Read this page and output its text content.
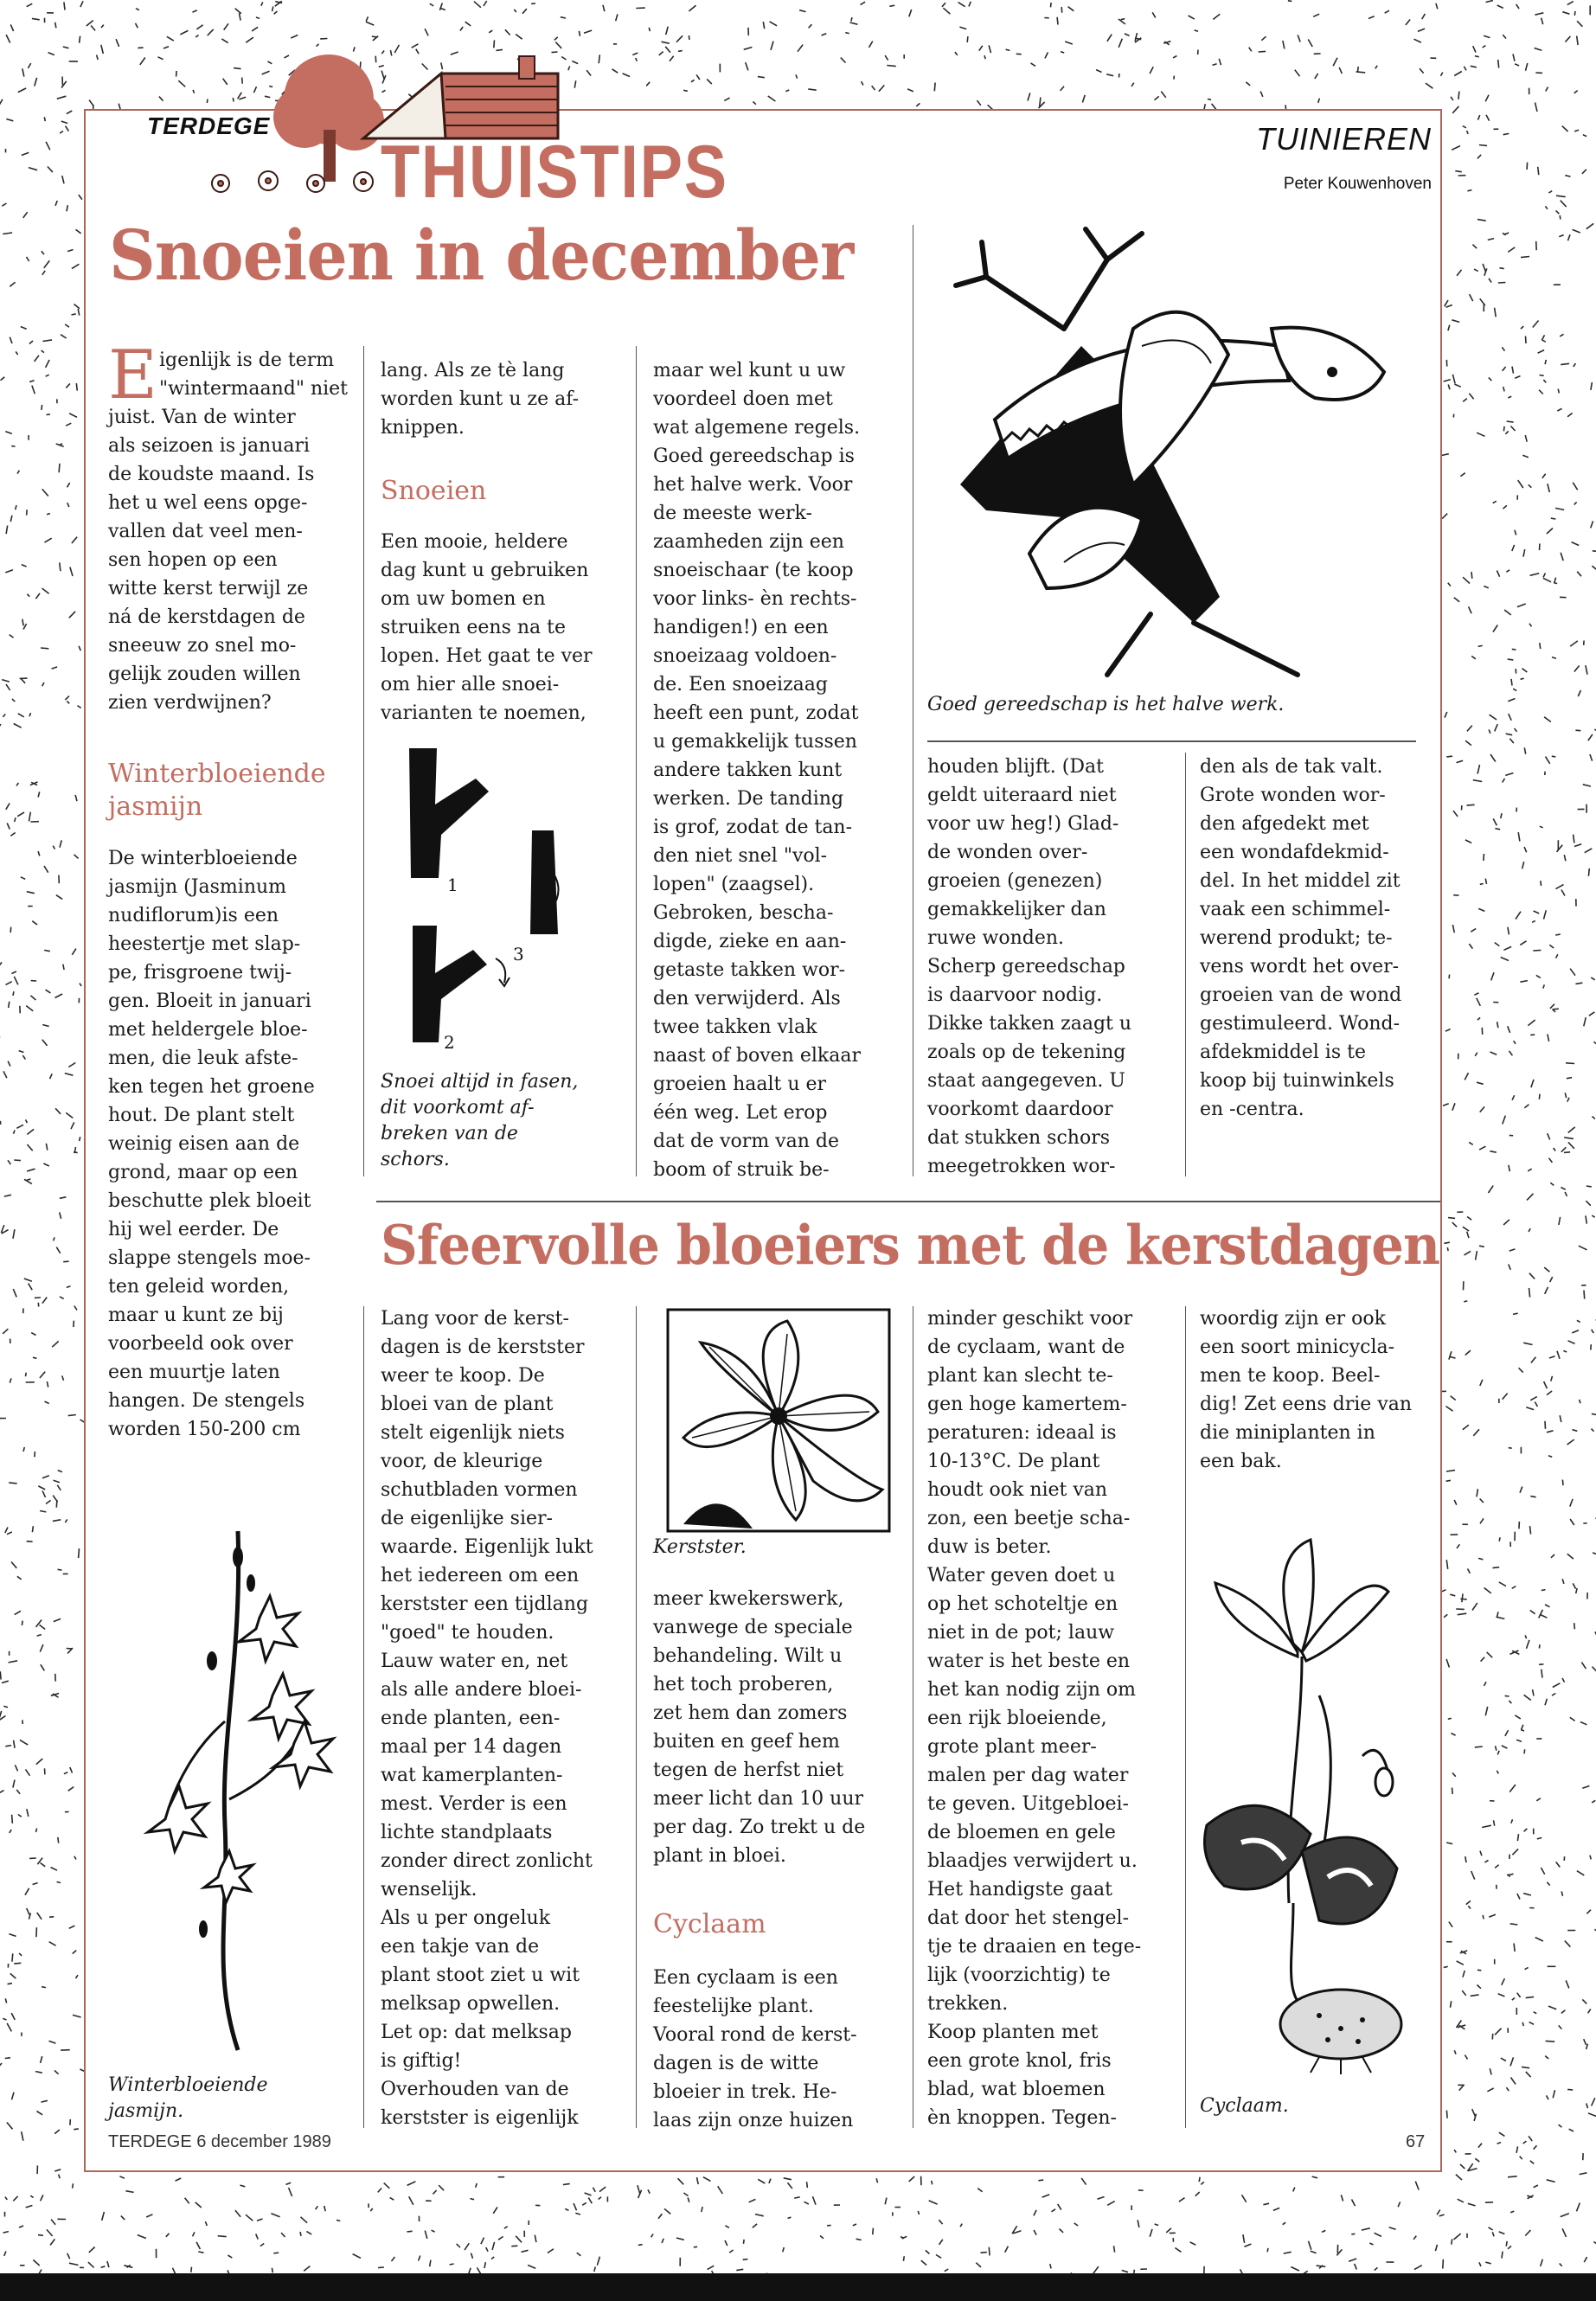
TERDEGE
THUISTIPS	TUINIEREN
Peter Kouwenhoven
Snoeien in december
Eigenlijk is de term
"wintermaand" niet
juist. Van de winter
als seizoen is januari
de koudste maand. Is
het u wel eens opge-
vallen dat veel men-
sen hopen op een
witte kerst terwijl ze
ná de kerstdagen de
sneeuw zo snel mo-
gelijk zouden willen
zien verdwijnen?
Winterbloeiende
jasmijn
De winterbloeiende
jasmijn (Jasminum
nudiflorum)is een
heestertje met slap-
pe, frisgroene twij-
gen. Bloeit in januari
met heldergele bloe-
men, die leuk afste-
ken tegen het groene
hout. De plant stelt
weinig eisen aan de
grond, maar op een
beschutte plek bloeit
hij wel eerder. De
slappe stengels moe-
ten geleid worden,
maar u kunt ze bij
voorbeeld ook over
een muurtje laten
hangen. De stengels
worden 150-200 cm
lang. Als ze tè lang
worden kunt u ze af-
knippen.
Snoeien
Een mooie, heldere
dag kunt u gebruiken
om uw bomen en
struiken eens na te
lopen. Het gaat te ver
om hier alle snoei-
varianten te noemen,
1
2
3
Snoei altijd in fasen,
dit voorkomt af-
breken van de
schors.
maar wel kunt u uw
voordeel doen met
wat algemene regels.
Goed gereedschap is
het halve werk. Voor
de meeste werk-
zaamheden zijn een
snoeischaar (te koop
voor links- èn rechts-
handigen!) en een
snoeizaag voldoen-
de. Een snoeizaag
heeft een punt, zodat
u gemakkelijk tussen
andere takken kunt
werken. De tanding
is grof, zodat de tan-
den niet snel "vol-
lopen" (zaagsel).
Gebroken, bescha-
digde, zieke en aan-
getaste takken wor-
den verwijderd. Als
twee takken vlak
naast of boven elkaar
groeien haalt u er
één weg. Let erop
dat de vorm van de
boom of struik be-
Goed gereedschap is het halve werk.
houden blijft. (Dat
geldt uiteraard niet
voor uw heg!) Glad-
de wonden over-
groeien (genezen)
gemakkelijker dan
ruwe wonden.
Scherp gereedschap
is daarvoor nodig.
Dikke takken zaagt u
zoals op de tekening
staat aangegeven. U
voorkomt daardoor
dat stukken schors
meegetrokken wor-
den als de tak valt.
Grote wonden wor-
den afgedekt met
een wondafdekmid-
del. In het middel zit
vaak een schimmel-
werend produkt; te-
vens wordt het over-
groeien van de wond
gestimuleerd. Wond-
afdekmiddel is te
koop bij tuinwinkels
en -centra.
Sfeervolle bloeiers met de kerstdagen
Winterbloeiende
jasmijn.
Lang voor de kerst-
dagen is de kerstster
weer te koop. De
bloei van de plant
stelt eigenlijk niets
voor, de kleurige
schutbladen vormen
de eigenlijke sier-
waarde. Eigenlijk lukt
het iedereen om een
kerstster een tijdlang
"goed" te houden.
Lauw water en, net
als alle andere bloei-
ende planten, een-
maal per 14 dagen
wat kamerplanten-
mest. Verder is een
lichte standplaats
zonder direct zonlicht
wenselijk.
Als u per ongeluk
een takje van de
plant stoot ziet u wit
melksap opwellen.
Let op: dat melksap
is giftig!
Overhouden van de
kerstster is eigenlijk
Kerstster.
meer kwekerswerk,
vanwege de speciale
behandeling. Wilt u
het toch proberen,
zet hem dan zomers
buiten en geef hem
tegen de herfst niet
meer licht dan 10 uur
per dag. Zo trekt u de
plant in bloei.
Cyclaam
Een cyclaam is een
feestelijke plant.
Vooral rond de kerst-
dagen is de witte
bloeier in trek. He-
laas zijn onze huizen
minder geschikt voor
de cyclaam, want de
plant kan slecht te-
gen hoge kamertem-
peraturen: ideaal is
10-13°C. De plant
houdt ook niet van
zon, een beetje scha-
duw is beter.
Water geven doet u
op het schoteltje en
niet in de pot; lauw
water is het beste en
het kan nodig zijn om
een rijk bloeiende,
grote plant meer-
malen per dag water
te geven. Uitgebloei-
de bloemen en gele
blaadjes verwijdert u.
Het handigste gaat
dat door het stengel-
tje te draaien en tege-
lijk (voorzichtig) te
trekken.
Koop planten met
een grote knol, fris
blad, wat bloemen
èn knoppen. Tegen-
woordig zijn er ook
een soort minicycla-
men te koop. Beel-
dig! Zet eens drie van
die miniplanten in
een bak.
Cyclaam.
TERDEGE 6 december 1989	67
